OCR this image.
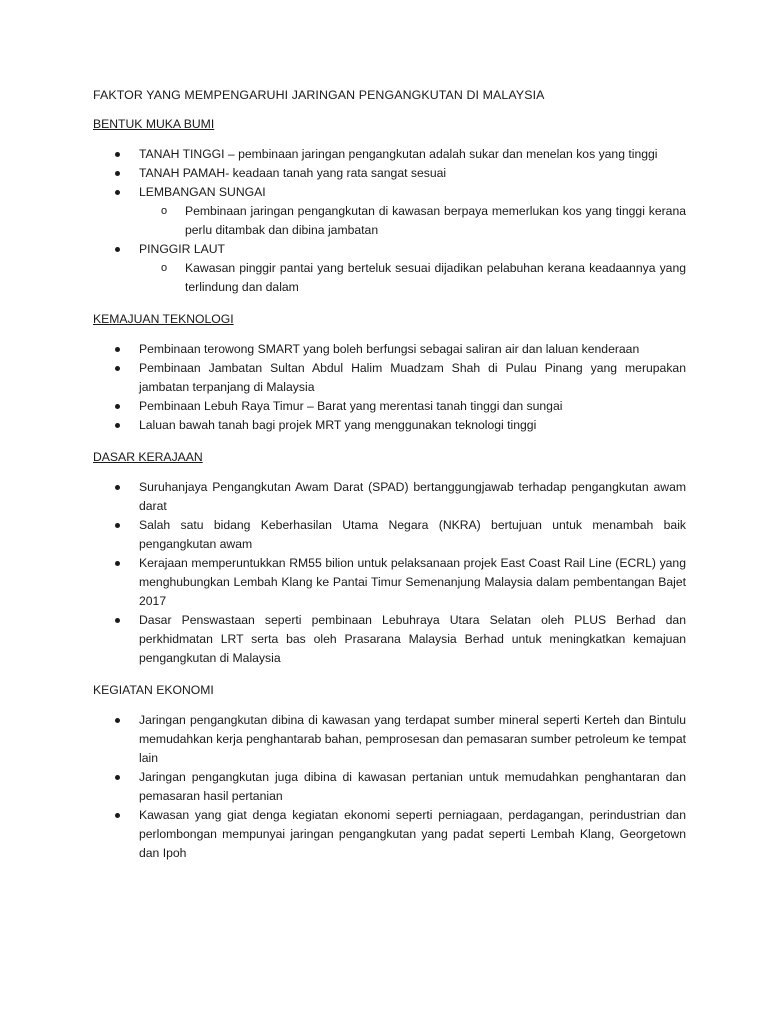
FAKTOR YANG MEMPENGARUHI JARINGAN PENGANGKUTAN DI MALAYSIA
BENTUK MUKA BUMI
TANAH TINGGI – pembinaan jaringan pengangkutan adalah sukar dan menelan kos yang tinggi
TANAH PAMAH- keadaan tanah yang rata sangat sesuai
LEMBANGAN SUNGAI
o Pembinaan jaringan pengangkutan di kawasan berpaya memerlukan kos yang tinggi kerana perlu ditambak dan dibina jambatan
PINGGIR LAUT
o Kawasan pinggir pantai yang berteluk sesuai dijadikan pelabuhan kerana keadaannya yang terlindung dan dalam
KEMAJUAN TEKNOLOGI
Pembinaan terowong SMART yang boleh berfungsi sebagai saliran air dan laluan kenderaan
Pembinaan Jambatan Sultan Abdul Halim Muadzam Shah di Pulau Pinang yang merupakan jambatan terpanjang di Malaysia
Pembinaan Lebuh Raya Timur – Barat yang merentasi tanah tinggi dan sungai
Laluan bawah tanah bagi projek MRT yang menggunakan teknologi tinggi
DASAR KERAJAAN
Suruhanjaya Pengangkutan Awam Darat (SPAD) bertanggungjawab terhadap pengangkutan awam darat
Salah satu bidang Keberhasilan Utama Negara (NKRA) bertujuan untuk menambah baik pengangkutan awam
Kerajaan memperuntukkan RM55 bilion untuk pelaksanaan projek East Coast Rail Line (ECRL) yang menghubungkan Lembah Klang ke Pantai Timur Semenanjung Malaysia dalam pembentangan Bajet 2017
Dasar Penswastaan seperti pembinaan Lebuhraya Utara Selatan oleh PLUS Berhad dan perkhidmatan LRT serta bas oleh Prasarana Malaysia Berhad untuk meningkatkan kemajuan pengangkutan di Malaysia
KEGIATAN EKONOMI
Jaringan pengangkutan dibina di kawasan yang terdapat sumber mineral seperti Kerteh dan Bintulu memudahkan kerja penghantarab bahan, pemprosesan dan pemasaran sumber petroleum ke tempat lain
Jaringan pengangkutan juga dibina di kawasan pertanian untuk memudahkan penghantaran dan pemasaran hasil pertanian
Kawasan yang giat denga kegiatan ekonomi seperti perniagaan, perdagangan, perindustrian dan perlombongan mempunyai jaringan pengangkutan yang padat seperti Lembah Klang, Georgetown dan Ipoh
